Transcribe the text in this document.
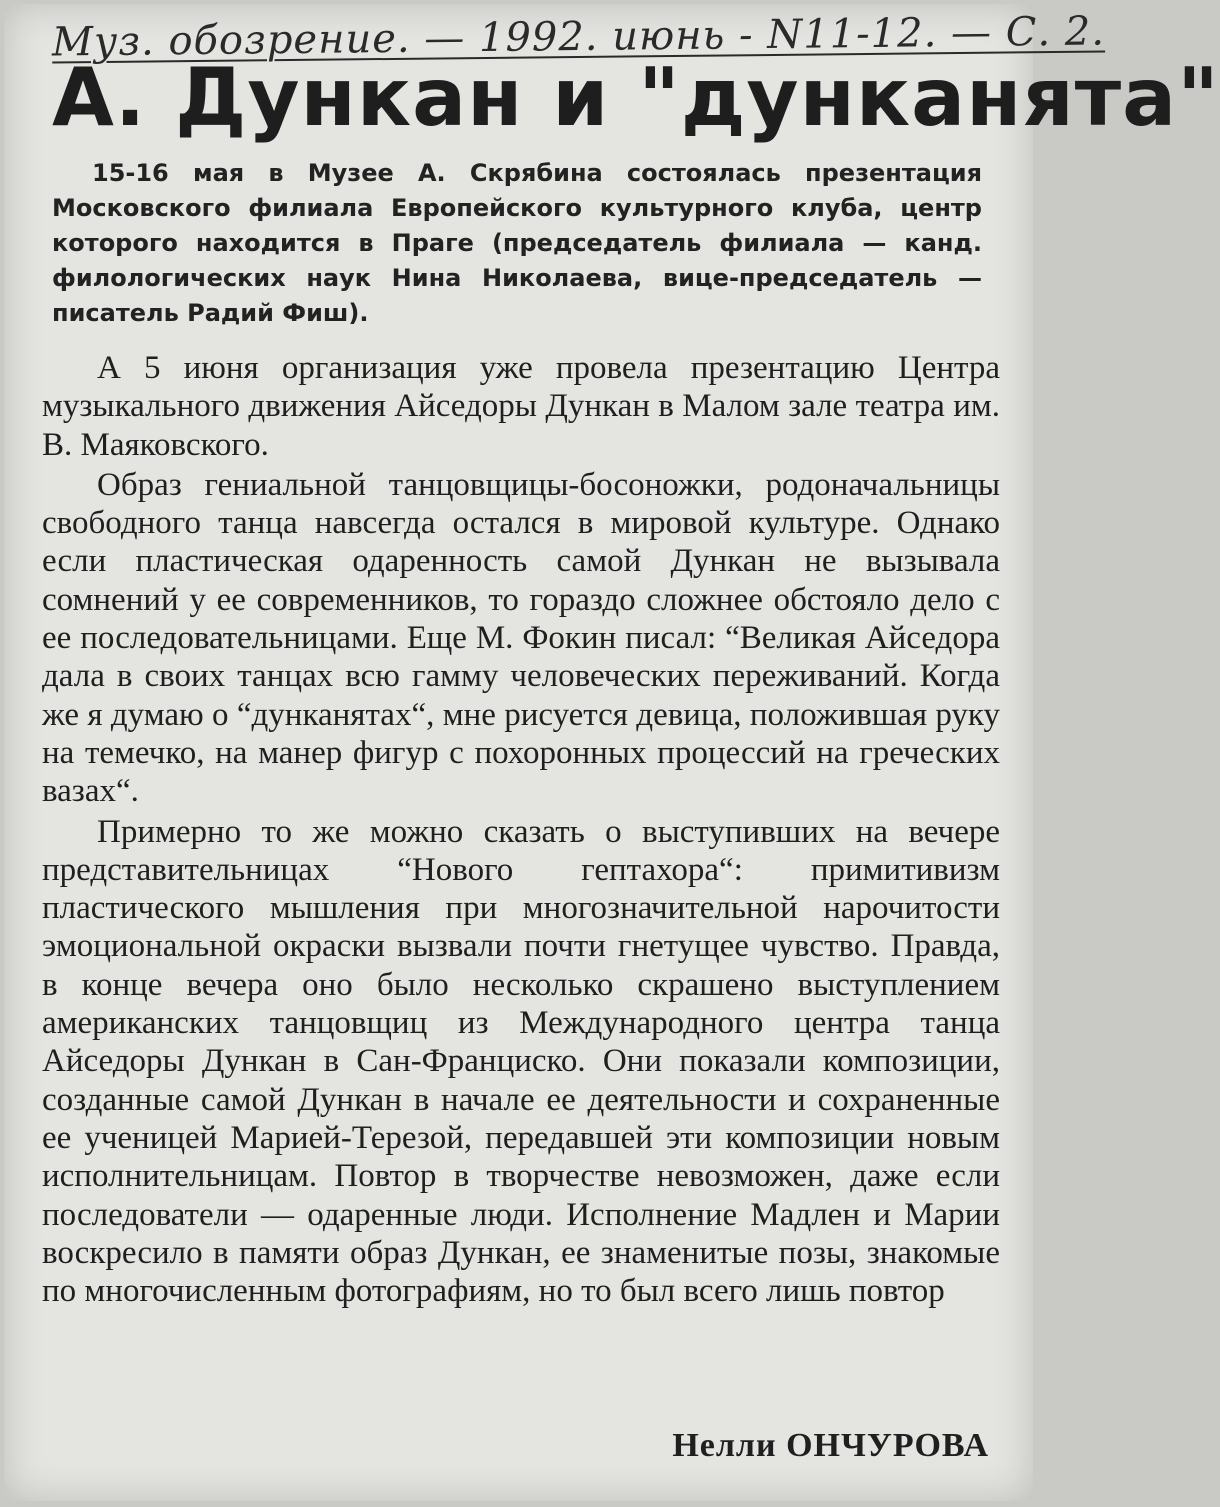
Муз. обозрение. — 1992. июнь - N11-12. — С. 2.
А. Дункан и "дунканята"
15-16 мая в Музее А. Скрябина состоялась презентация Московского филиала Европейского культурного клуба, центр которого находится в Праге (председатель филиала — канд. филологических наук Нина Николаева, вице-председатель — писатель Радий Фиш).

А 5 июня организация уже провела презентацию Центра музыкального движения Айседоры Дункан в Малом зале театра им. В. Маяковского.

Образ гениальной танцовщицы-босоножки, родоначальницы свободного танца навсегда остался в мировой культуре. Однако если пластическая одаренность самой Дункан не вызывала сомнений у ее современников, то гораздо сложнее обстояло дело с ее последовательницами. Еще М. Фокин писал: “Великая Айседора дала в своих танцах всю гамму человеческих переживаний. Когда же я думаю о “дунканятах“, мне рисуется девица, положившая руку на темечко, на манер фигур с похоронных процессий на греческих вазах“.

Примерно то же можно сказать о выступивших на вечере представительницах “Нового гептахора“: примитивизм пластического мышления при многозначительной нарочитости эмоциональной окраски вызвали почти гнетущее чувство. Правда, в конце вечера оно было несколько скрашено выступлением американских танцовщиц из Международного центра танца Айседоры Дункан в Сан-Франциско. Они показали композиции, созданные самой Дункан в начале ее деятельности и сохраненные ее ученицей Марией-Терезой, передавшей эти композиции новым исполнительницам. Повтор в творчестве невозможен, даже если последователи — одаренные люди. Исполнение Мадлен и Марии воскресило в памяти образ Дункан, ее знаменитые позы, знакомые по многочисленным фотографиям, но то был всего лишь повтор

Нелли ОНЧУРОВА
